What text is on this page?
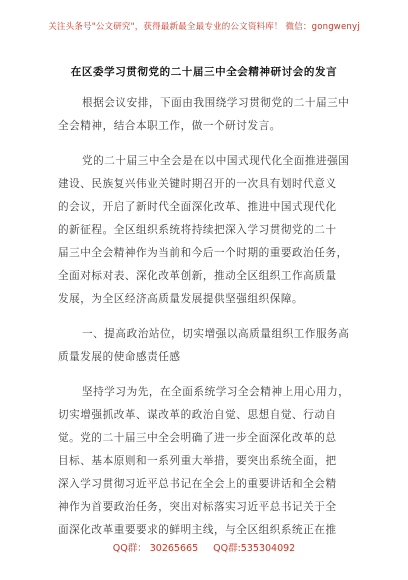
关注头条号"公文研究"，获得最新最全最专业的公文资料库！ 微信：gongwenyj
在区委学习贯彻党的二十届三中全会精神研讨会的发言
根据会议安排，下面由我围绕学习贯彻党的二十届三中
全会精神，结合本职工作，做一个研讨发言。
党的二十届三中全会是在以中国式现代化全面推进强国
建设、民族复兴伟业关键时期召开的一次具有划时代意义
的会议，开启了新时代全面深化改革、推进中国式现代化
的新征程。全区组织系统将持续把深入学习贯彻党的二十
届三中全会精神作为当前和今后一个时期的重要政治任务，
全面对标对表、深化改革创新，推动全区组织工作高质量
发展，为全区经济高质量发展提供坚强组织保障。
一、提高政治站位，切实增强以高质量组织工作服务高
质量发展的使命感责任感
坚持学习为先，在全面系统学习全会精神上用心用力，
切实增强抓改革、谋改革的政治自觉、思想自觉、行动自
觉。党的二十届三中全会明确了进一步全面深化改革的总
目标、基本原则和一系列重大举措，要突出系统全面，把
深入学习贯彻习近平总书记在全会上的重要讲话和全会精
神作为首要政治任务，突出对标落实习近平总书记关于全
面深化改革重要要求的鲜明主线，与全区组织系统正在推
QQ群： 30265665 QQ群:535304092
